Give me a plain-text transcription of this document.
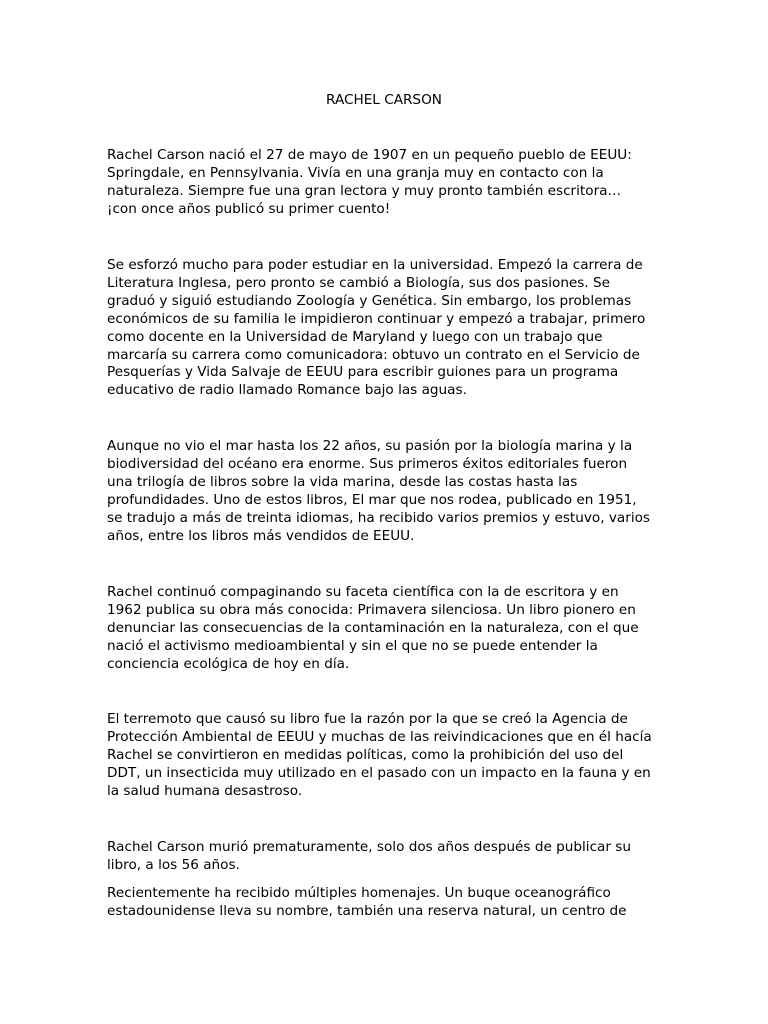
RACHEL CARSON

Rachel Carson nació el 27 de mayo de 1907 en un pequeño pueblo de EEUU:
Springdale, en Pennsylvania. Vivía en una granja muy en contacto con la
naturaleza. Siempre fue una gran lectora y muy pronto también escritora…
¡con once años publicó su primer cuento!

Se esforzó mucho para poder estudiar en la universidad. Empezó la carrera de
Literatura Inglesa, pero pronto se cambió a Biología, sus dos pasiones. Se
graduó y siguió estudiando Zoología y Genética. Sin embargo, los problemas
económicos de su familia le impidieron continuar y empezó a trabajar, primero
como docente en la Universidad de Maryland y luego con un trabajo que
marcaría su carrera como comunicadora: obtuvo un contrato en el Servicio de
Pesquerías y Vida Salvaje de EEUU para escribir guiones para un programa
educativo de radio llamado Romance bajo las aguas.

Aunque no vio el mar hasta los 22 años, su pasión por la biología marina y la
biodiversidad del océano era enorme. Sus primeros éxitos editoriales fueron
una trilogía de libros sobre la vida marina, desde las costas hasta las
profundidades. Uno de estos libros, El mar que nos rodea, publicado en 1951,
se tradujo a más de treinta idiomas, ha recibido varios premios y estuvo, varios
años, entre los libros más vendidos de EEUU.

Rachel continuó compaginando su faceta científica con la de escritora y en
1962 publica su obra más conocida: Primavera silenciosa. Un libro pionero en
denunciar las consecuencias de la contaminación en la naturaleza, con el que
nació el activismo medioambiental y sin el que no se puede entender la
conciencia ecológica de hoy en día.

El terremoto que causó su libro fue la razón por la que se creó la Agencia de
Protección Ambiental de EEUU y muchas de las reivindicaciones que en él hacía
Rachel se convirtieron en medidas políticas, como la prohibición del uso del
DDT, un insecticida muy utilizado en el pasado con un impacto en la fauna y en
la salud humana desastroso.

Rachel Carson murió prematuramente, solo dos años después de publicar su
libro, a los 56 años.

Recientemente ha recibido múltiples homenajes. Un buque oceanográfico
estadounidense lleva su nombre, también una reserva natural, un centro de
